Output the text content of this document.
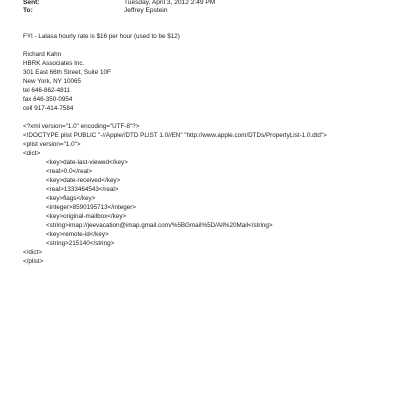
Sent:	Tuesday, April 3, 2012 2:49 PM
To:	Jeffrey Epstein
FYI - Lalasa hourly rate is $16 per hour (used to be $12)
Richard Kahn
HBRK Associates Inc.
301 East 66th Street, Suite 10F
New York, NY 10065
tel 646-862-4811
fax 646-350-0954
cell 917-414-7584
<?xml version="1.0" encoding="UTF-8"?>
<!DOCTYPE plist PUBLIC "-//Apple//DTD PLIST 1.0//EN" "http://www.apple.com/DTDs/PropertyList-1.0.dtd">
<plist version="1.0">
<dict>
<key>date-last-viewed</key>
<real>0.0</real>
<key>date-received</key>
<real>1333464543</real>
<key>flags</key>
<integer>8590195713</integer>
<key>original-mailbox</key>
<string>imap://jeevacation@imap.gmail.com/%5BGmail%5D/All%20Mail</string>
<key>remote-id</key>
<string>215140</string>
</dict>
</plist>
